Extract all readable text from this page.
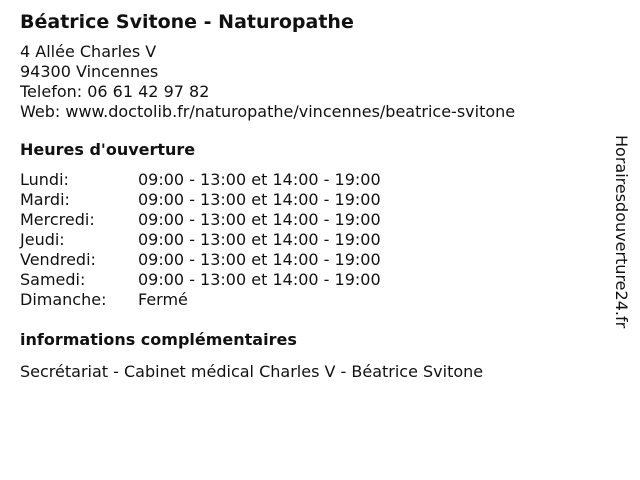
Béatrice Svitone - Naturopathe
4 Allée Charles V
94300 Vincennes
Telefon: 06 61 42 97 82
Web: www.doctolib.fr/naturopathe/vincennes/beatrice-svitone
Heures d'ouverture
Lundi:	09:00 - 13:00 et 14:00 - 19:00
Mardi:	09:00 - 13:00 et 14:00 - 19:00
Mercredi:	09:00 - 13:00 et 14:00 - 19:00
Jeudi:	09:00 - 13:00 et 14:00 - 19:00
Vendredi:	09:00 - 13:00 et 14:00 - 19:00
Samedi:	09:00 - 13:00 et 14:00 - 19:00
Dimanche:	Fermé
informations complémentaires
Secrétariat - Cabinet médical Charles V - Béatrice Svitone
Horairesdouverture24.fr
